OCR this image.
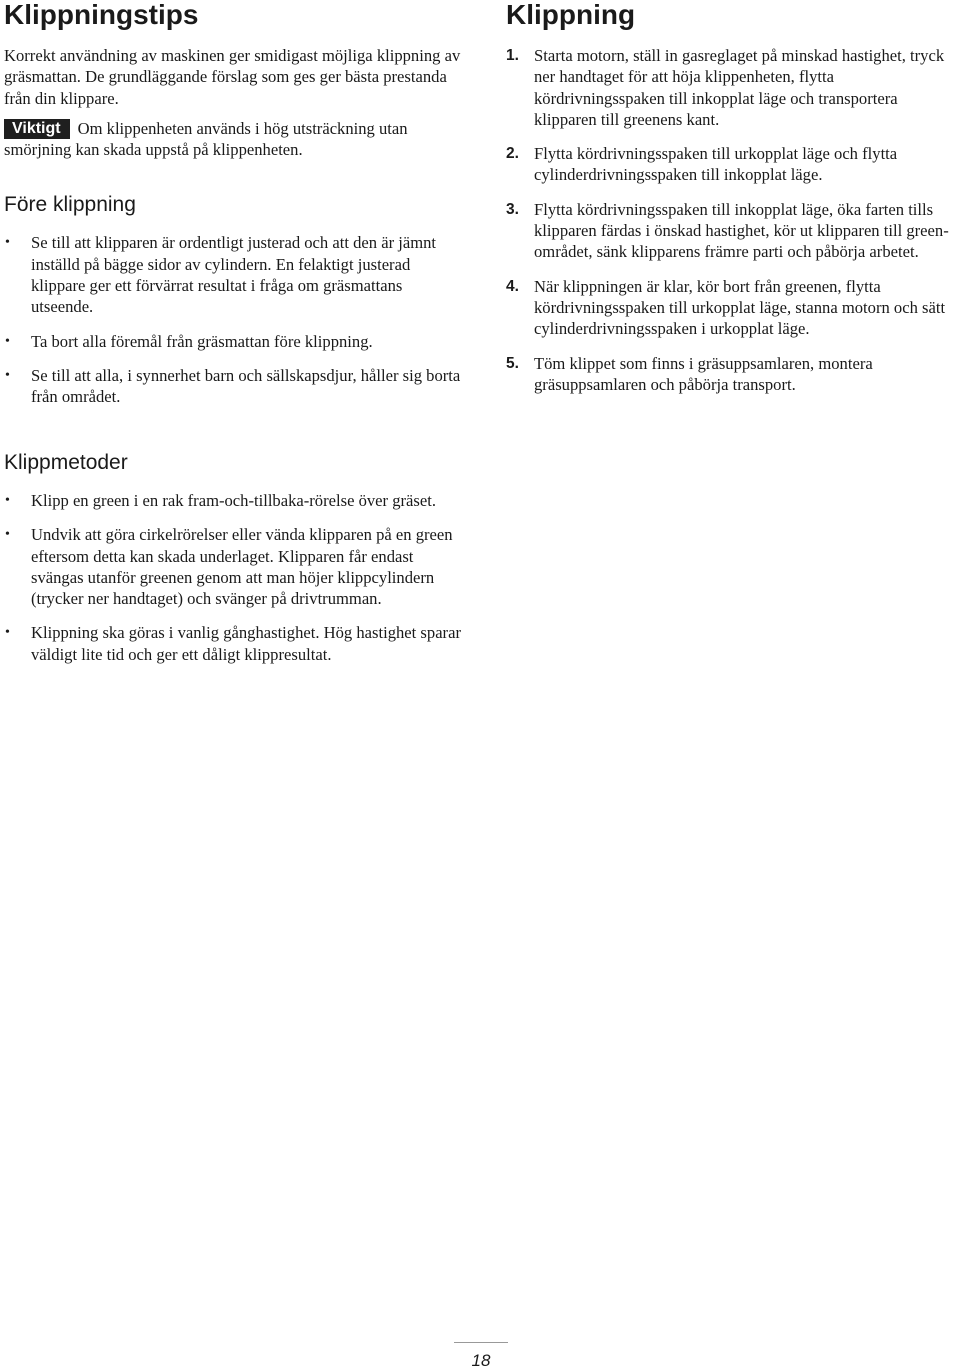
Klippningstips

Korrekt användning av maskinen ger smidigast möjliga klippning av gräsmattan. De grundläggande förslag som ges ger bästa prestanda från din klippare.

Viktigt Om klippenheten används i hög utsträckning utan smörjning kan skada uppstå på klippenheten.

Före klippning
• Se till att klipparen är ordentligt justerad och att den är jämnt inställd på bägge sidor av cylindern. En felaktigt justerad klippare ger ett förvärrat resultat i fråga om gräsmattans utseende.
• Ta bort alla föremål från gräsmattan före klippning.
• Se till att alla, i synnerhet barn och sällskapsdjur, håller sig borta från området.
Klippmetoder
• Klipp en green i en rak fram-och-tillbaka-rörelse över gräset.
• Undvik att göra cirkelrörelser eller vända klipparen på en green eftersom detta kan skada underlaget. Klipparen får endast svängas utanför greenen genom att man höjer klippcylindern (trycker ner handtaget) och svänger på drivtrumman.
• Klippning ska göras i vanlig gånghastighet. Hög hastighet sparar väldigt lite tid och ger ett dåligt klippresultat.
Klippning
1. Starta motorn, ställ in gasreglaget på minskad hastighet, tryck ner handtaget för att höja klippenheten, flytta kördrivningsspaken till inkopplat läge och transportera klipparen till greenens kant.
2. Flytta kördrivningsspaken till urkopplat läge och flytta cylinderdrivningsspaken till inkopplat läge.
3. Flytta kördrivningsspaken till inkopplat läge, öka farten tills klipparen färdas i önskad hastighet, kör ut klipparen till green-området, sänk klipparens främre parti och påbörja arbetet.
4. När klippningen är klar, kör bort från greenen, flytta kördrivningsspaken till urkopplat läge, stanna motorn och sätt cylinderdrivningsspaken i urkopplat läge.
5. Töm klippet som finns i gräsuppsamlaren, montera gräsuppsamlaren och påbörja transport.
18
